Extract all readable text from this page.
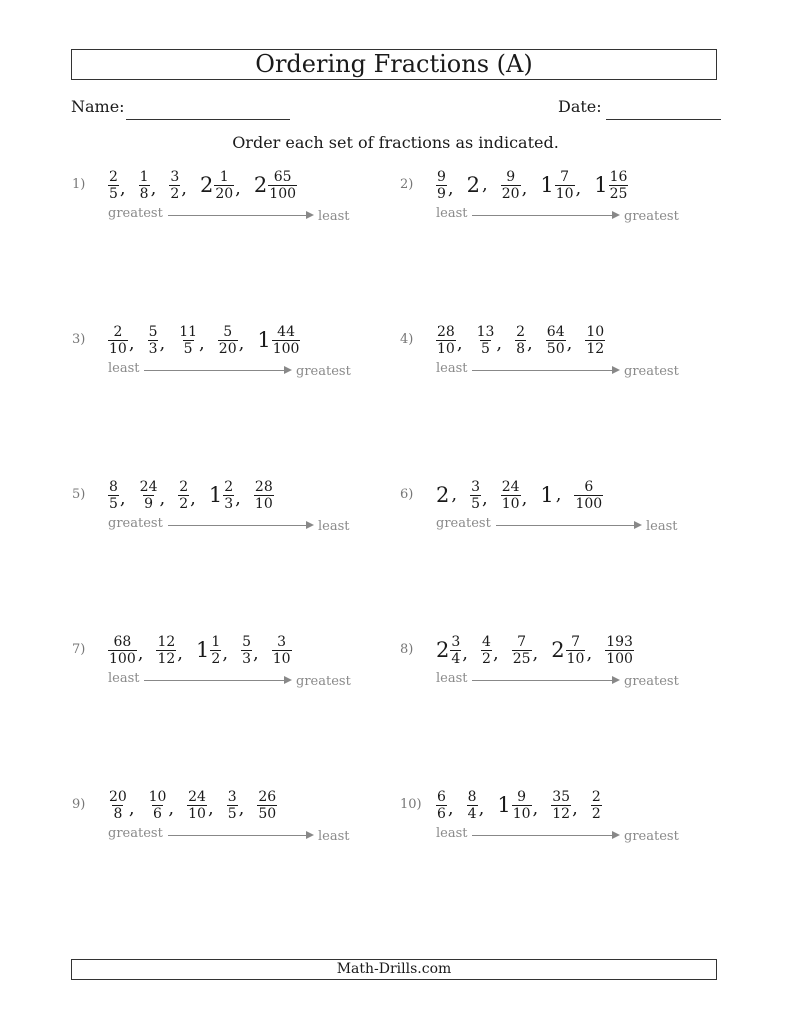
Ordering Fractions (A)
Name:	Date:
Order each set of fractions as indicated.
$1) \frac{2}{5}$ , $\frac{1}{8}$ , $\frac{3}{2}$ , $2 \frac{1}{20}$ , $2 \frac{65}{100}$
greatest	least
$2) \frac{9}{9}$ , 2 , $\frac{9}{20}$ , $1 \frac{7}{10}$ , $1 \frac{16}{25}$
least	greatest
$3) \frac{2}{10}$ , $\frac{5}{3}$ , $\frac{11}{5}$ , $\frac{5}{20}$ , $1 \frac{44}{100}$
least	greatest
$4) \frac{28}{10}$ , $\frac{13}{5}$ , $\frac{2}{8}$ , $\frac{64}{50}$ , $\frac{10}{12}$
least	greatest
$5) \frac{8}{5}$ , $\frac{24}{9}$ , $\frac{2}{2}$ , $1 \frac{2}{3}$ , $\frac{28}{10}$
greatest	least
6) 2 , $\frac{3}{5}$ , $\frac{24}{10}$ , 1 , $\frac{6}{100}$
greatest	least
$7) \frac{68}{100}$ , $\frac{12}{12}$ , $1 \frac{1}{2}$ , $\frac{5}{3}$ , $\frac{3}{10}$
least	greatest
8) $2 \frac{3}{4}$ , $\frac{4}{2}$ , $\frac{7}{25}$ , $2 \frac{7}{10}$ , $\frac{193}{100}$
least	greatest
$9) \frac{20}{8}$ , $\frac{10}{6}$ , $\frac{24}{10}$ , $\frac{3}{5}$ , $\frac{26}{50}$
greatest	least
$10) \frac{6}{6}$ , $\frac{8}{4}$ , $1 \frac{9}{10}$ , $\frac{35}{12}$ , $\frac{2}{2}$
least	greatest
Math-Drills.com
